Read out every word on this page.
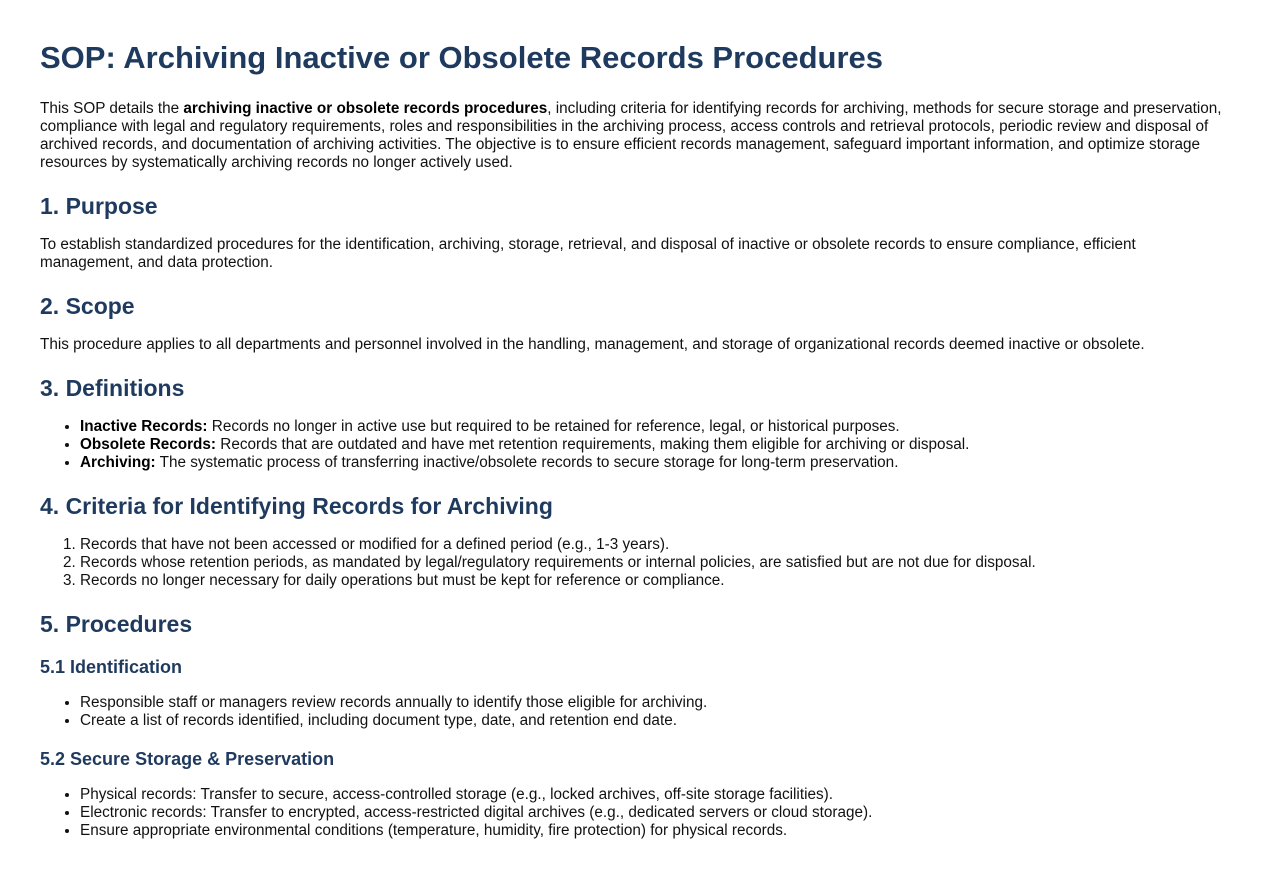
SOP: Archiving Inactive or Obsolete Records Procedures

This SOP details the archiving inactive or obsolete records procedures, including criteria for identifying records for archiving, methods for secure storage and preservation, compliance with legal and regulatory requirements, roles and responsibilities in the archiving process, access controls and retrieval protocols, periodic review and disposal of archived records, and documentation of archiving activities. The objective is to ensure efficient records management, safeguard important information, and optimize storage resources by systematically archiving records no longer actively used.

1. Purpose

To establish standardized procedures for the identification, archiving, storage, retrieval, and disposal of inactive or obsolete records to ensure compliance, efficient management, and data protection.

2. Scope

This procedure applies to all departments and personnel involved in the handling, management, and storage of organizational records deemed inactive or obsolete.

3. Definitions
• Inactive Records: Records no longer in active use but required to be retained for reference, legal, or historical purposes.
• Obsolete Records: Records that are outdated and have met retention requirements, making them eligible for archiving or disposal.
• Archiving: The systematic process of transferring inactive/obsolete records to secure storage for long-term preservation.
4. Criteria for Identifying Records for Archiving
1. Records that have not been accessed or modified for a defined period (e.g., 1-3 years).
2. Records whose retention periods, as mandated by legal/regulatory requirements or internal policies, are satisfied but are not due for disposal.
3. Records no longer necessary for daily operations but must be kept for reference or compliance.
5. Procedures
5.1 Identification
• Responsible staff or managers review records annually to identify those eligible for archiving.
• Create a list of records identified, including document type, date, and retention end date.
5.2 Secure Storage & Preservation
• Physical records: Transfer to secure, access-controlled storage (e.g., locked archives, off-site storage facilities).
• Electronic records: Transfer to encrypted, access-restricted digital archives (e.g., dedicated servers or cloud storage).
• Ensure appropriate environmental conditions (temperature, humidity, fire protection) for physical records.
